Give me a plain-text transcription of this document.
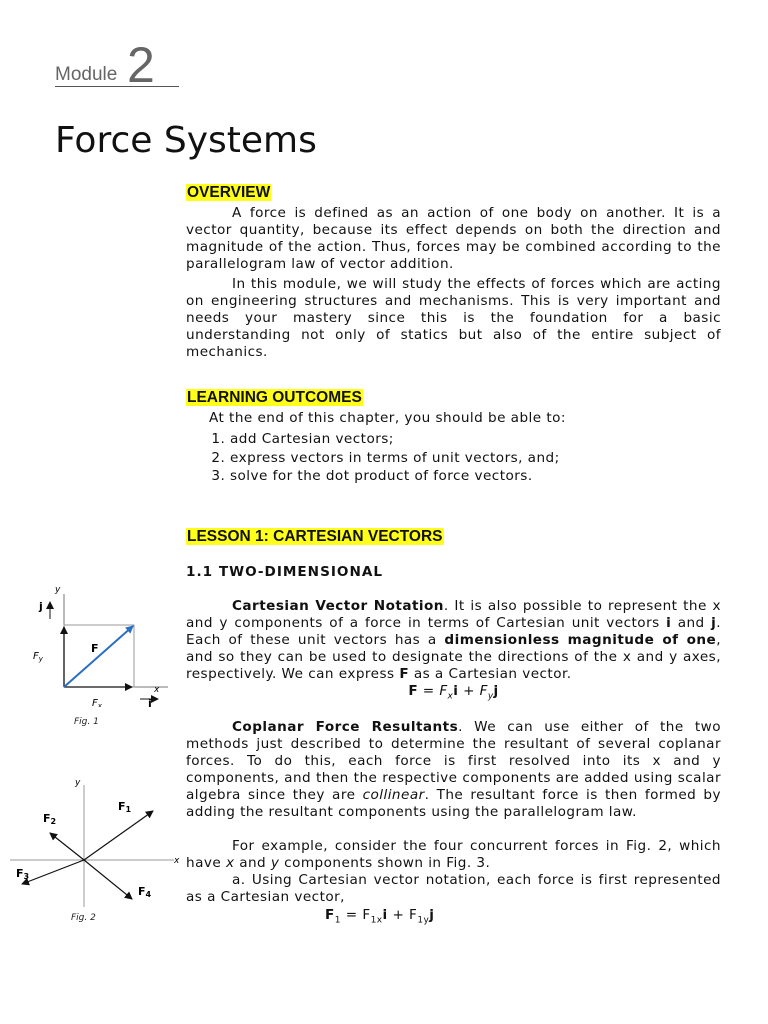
Module 2
Force Systems
OVERVIEW

A force is defined as an action of one body on another. It is a vector quantity, because its effect depends on both the direction and magnitude of the action. Thus, forces may be combined according to the parallelogram law of vector addition.

In this module, we will study the effects of forces which are acting on engineering structures and mechanisms. This is very important and needs your mastery since this is the foundation for a basic understanding not only of statics but also of the entire subject of mechanics.

LEARNING OUTCOMES

At the end of this chapter, you should be able to:

1. add Cartesian vectors;
2. express vectors in terms of unit vectors, and;
3. solve for the dot product of force vectors.
LESSON 1: CARTESIAN VECTORS
1.1 TWO-DIMENSIONAL

Cartesian Vector Notation. It is also possible to represent the x and y components of a force in terms of Cartesian unit vectors i and j. Each of these unit vectors has a dimensionless magnitude of one, and so they can be used to designate the directions of the x and y axes, respectively. We can express F as a Cartesian vector.

$F = F_xi + F_yj$

Coplanar Force Resultants. We can use either of the two methods just described to determine the resultant of several coplanar forces. To do this, each force is first resolved into its x and y components, and then the respective components are added using scalar algebra since they are collinear. The resultant force is then formed by adding the resultant components using the parallelogram law.

For example, consider the four concurrent forces in Fig. 2, which have x and y components shown in Fig. 3.

a. Using Cartesian vector notation, each force is first represented as a Cartesian vector,

$F_1 = F_{1x}i + F_{1y}j$

y
x
j
i
F
$F_y$
$F_x$
Fig. 1
y
x
F1
F2
F3
F4
Fig. 2
